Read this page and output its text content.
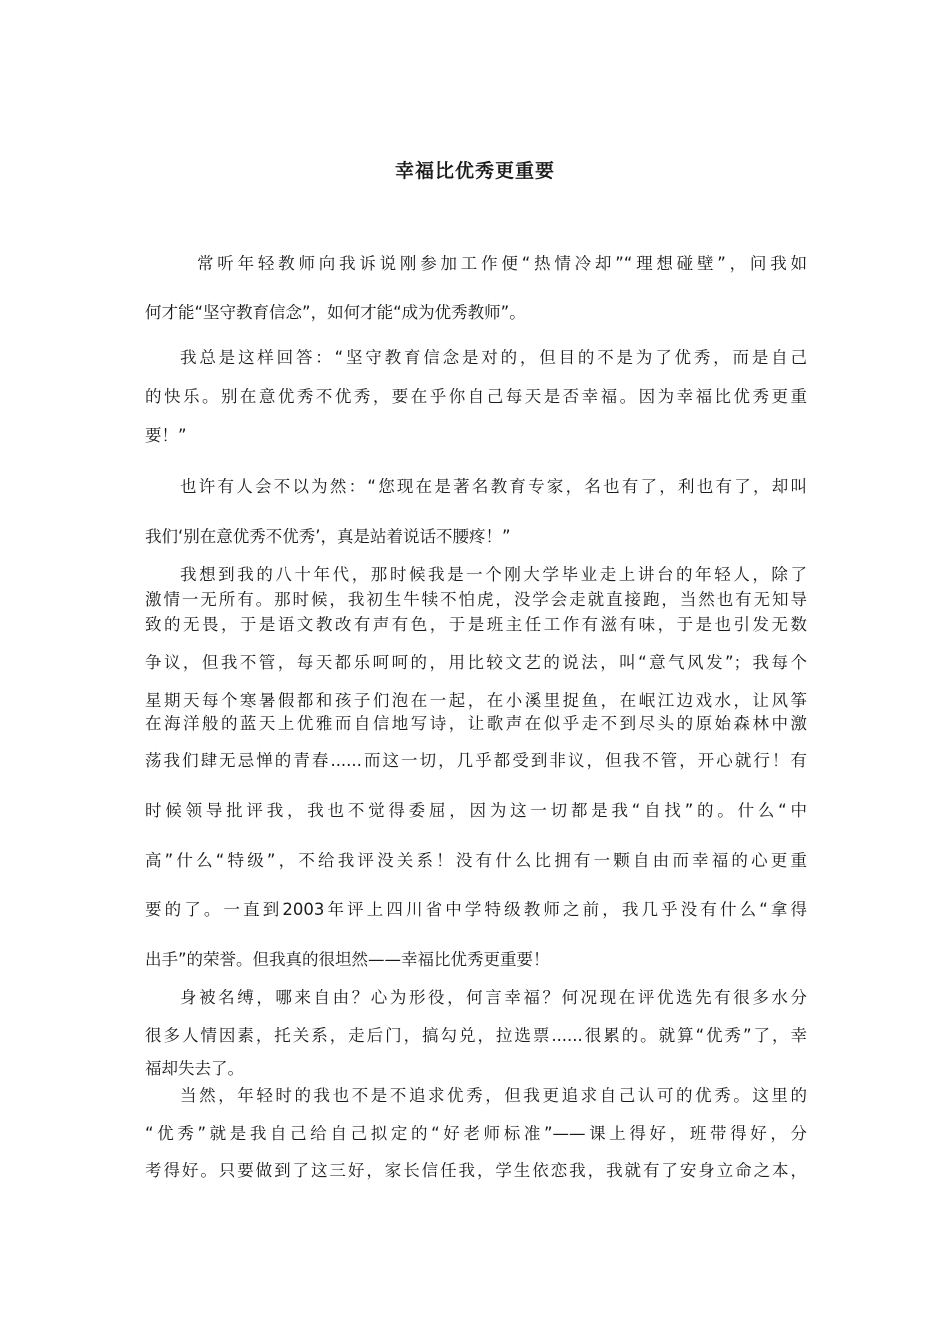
幸福比优秀更重要
常听年轻教师向我诉说刚参加工作便“热情冷却”“理想碰壁”，问我如
何才能“坚守教育信念”，如何才能“成为优秀教师”。
我总是这样回答：“坚守教育信念是对的，但目的不是为了优秀，而是自己
的快乐。别在意优秀不优秀，要在乎你自己每天是否幸福。因为幸福比优秀更重
要！”
也许有人会不以为然：“您现在是著名教育专家，名也有了，利也有了，却叫
我们‘别在意优秀不优秀’，真是站着说话不腰疼！”
我想到我的八十年代，那时候我是一个刚大学毕业走上讲台的年轻人，除了
激情一无所有。那时候，我初生牛犊不怕虎，没学会走就直接跑，当然也有无知导
致的无畏，于是语文教改有声有色，于是班主任工作有滋有味，于是也引发无数
争议，但我不管，每天都乐呵呵的，用比较文艺的说法，叫“意气风发”；我每个
星期天每个寒暑假都和孩子们泡在一起，在小溪里捉鱼，在岷江边戏水，让风筝
在海洋般的蓝天上优雅而自信地写诗，让歌声在似乎走不到尽头的原始森林中激
荡我们肆无忌惮的青春......而这一切，几乎都受到非议，但我不管，开心就行！有
时候领导批评我，我也不觉得委屈，因为这一切都是我“自找”的。什么“中
高”什么“特级”，不给我评没关系！没有什么比拥有一颗自由而幸福的心更重
要的了。一直到2003年评上四川省中学特级教师之前，我几乎没有什么“拿得
出手”的荣誉。但我真的很坦然——幸福比优秀更重要！
身被名缚，哪来自由？心为形役，何言幸福？何况现在评优选先有很多水分
很多人情因素，托关系，走后门，搞勾兑，拉选票......很累的。就算“优秀”了，幸
福却失去了。
当然，年轻时的我也不是不追求优秀，但我更追求自己认可的优秀。这里的
“优秀”就是我自己给自己拟定的“好老师标准”——课上得好，班带得好，分
考得好。只要做到了这三好，家长信任我，学生依恋我，我就有了安身立命之本，
